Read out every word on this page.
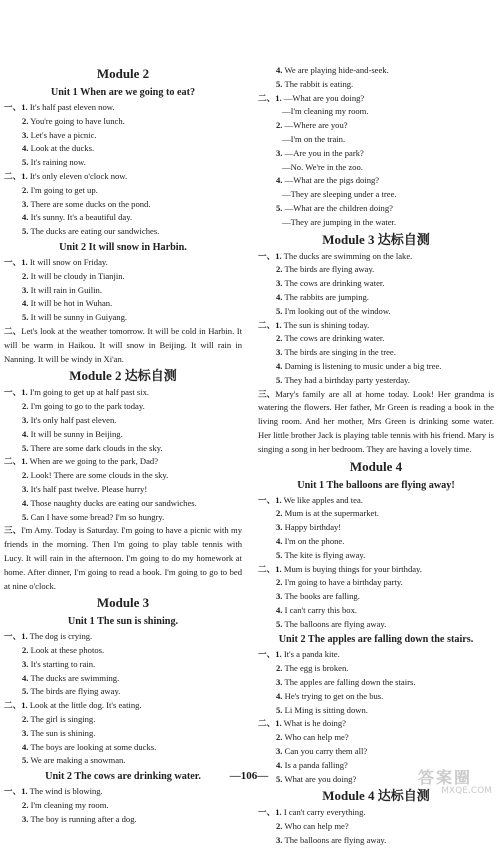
Module 2
Unit 1 When are we going to eat?
一、1. It's half past eleven now.
2. You're going to have lunch.
3. Let's have a picnic.
4. Look at the ducks.
5. It's raining now.
二、1. It's only eleven o'clock now.
2. I'm going to get up.
3. There are some ducks on the pond.
4. It's sunny. It's a beautiful day.
5. The ducks are eating our sandwiches.
Unit 2 It will snow in Harbin.
一、1. It will snow on Friday.
2. It will be cloudy in Tianjin.
3. It will rain in Guilin.
4. It will be hot in Wuhan.
5. It will be sunny in Guiyang.
二、Let's look at the weather tomorrow. It will be cold in Harbin. It will be warm in Haikou. It will snow in Beijing. It will rain in Nanning. It will be windy in Xi'an.
Module 2 达标自测
一、1. I'm going to get up at half past six.
2. I'm going to go to the park today.
3. It's only half past eleven.
4. It will be sunny in Beijing.
5. There are some dark clouds in the sky.
二、1. When are we going to the park, Dad?
2. Look! There are some clouds in the sky.
3. It's half past twelve. Please hurry!
4. Those naughty ducks are eating our sandwiches.
5. Can I have some bread? I'm so hungry.
三、I'm Amy. Today is Saturday. I'm going to have a picnic with my friends in the morning. Then I'm going to play table tennis with Lucy. It will rain in the afternoon. I'm going to do my homework at home. After dinner, I'm going to read a book. I'm going to go to bed at nine o'clock.
Module 3
Unit 1 The sun is shining.
一、1. The dog is crying.
2. Look at these photos.
3. It's starting to rain.
4. The ducks are swimming.
5. The birds are flying away.
二、1. Look at the little dog. It's eating.
2. The girl is singing.
3. The sun is shining.
4. The boys are looking at some ducks.
5. We are making a snowman.
Unit 2 The cows are drinking water.
一、1. The wind is blowing.
2. I'm cleaning my room.
3. The boy is running after a dog.
4. We are playing hide-and-seek.
5. The rabbit is eating.
二、1. —What are you doing?
—I'm cleaning my room.
2. —Where are you?
—I'm on the train.
3. —Are you in the park?
—No. We're in the zoo.
4. —What are the pigs doing?
—They are sleeping under a tree.
5. —What are the children doing?
—They are jumping in the water.
Module 3 达标自测
一、1. The ducks are swimming on the lake.
2. The birds are flying away.
3. The cows are drinking water.
4. The rabbits are jumping.
5. I'm looking out of the window.
二、1. The sun is shining today.
2. The cows are drinking water.
3. The birds are singing in the tree.
4. Daming is listening to music under a big tree.
5. They had a birthday party yesterday.
三、Mary's family are all at home today. Look! Her grandma is watering the flowers. Her father, Mr Green is reading a book in the living room. And her mother, Mrs Green is drinking some water. Her little brother Jack is playing table tennis with his friend. Mary is singing a song in her bedroom. They are having a lovely time.
Module 4
Unit 1 The balloons are flying away!
一、1. We like apples and tea.
2. Mum is at the supermarket.
3. Happy birthday!
4. I'm on the phone.
5. The kite is flying away.
二、1. Mum is buying things for your birthday.
2. I'm going to have a birthday party.
3. The books are falling.
4. I can't carry this box.
5. The balloons are flying away.
Unit 2 The apples are falling down the stairs.
一、1. It's a panda kite.
2. The egg is broken.
3. The apples are falling down the stairs.
4. He's trying to get on the bus.
5. Li Ming is sitting down.
二、1. What is he doing?
2. Who can help me?
3. Can you carry them all?
4. Is a panda falling?
5. What are you doing?
Module 4 达标自测
一、1. I can't carry everything.
2. Who can help me?
3. The balloons are flying away.
—106—	答案圈
MXQE.COM
